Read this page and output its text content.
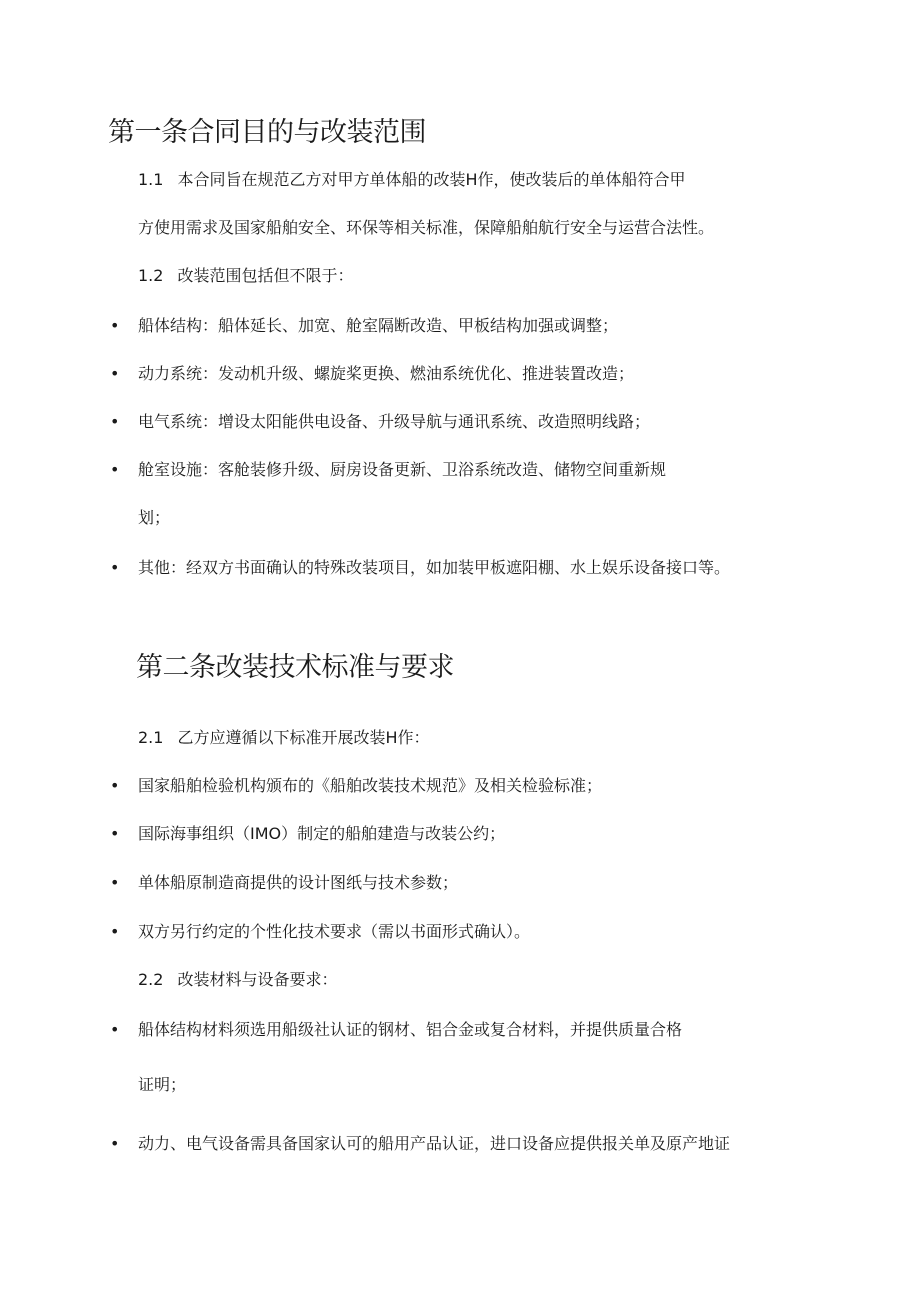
第一条合同目的与改装范围
1.1 本合同旨在规范乙方对甲方单体船的改装H作，使改装后的单体船符合甲
方使用需求及国家船舶安全、环保等相关标准，保障船舶航行安全与运营合法性。
1.2 改装范围包括但不限于：
• 船体结构：船体延长、加宽、舱室隔断改造、甲板结构加强或调整；
• 动力系统：发动机升级、螺旋桨更换、燃油系统优化、推进装置改造；
• 电气系统：增设太阳能供电设备、升级导航与通讯系统、改造照明线路；
• 舱室设施：客舱装修升级、厨房设备更新、卫浴系统改造、储物空间重新规
划；
• 其他：经双方书面确认的特殊改装项目，如加装甲板遮阳棚、水上娱乐设备接口等。
第二条改装技术标准与要求
2.1 乙方应遵循以下标准开展改装H作：
• 国家船舶检验机构颁布的《船舶改装技术规范》及相关检验标准；
• 国际海事组织（IMO）制定的船舶建造与改装公约；
• 单体船原制造商提供的设计图纸与技术参数；
• 双方另行约定的个性化技术要求（需以书面形式确认）。
2.2 改装材料与设备要求：
• 船体结构材料须选用船级社认证的钢材、铝合金或复合材料，并提供质量合格
证明；
• 动力、电气设备需具备国家认可的船用产品认证，进口设备应提供报关单及原产地证
